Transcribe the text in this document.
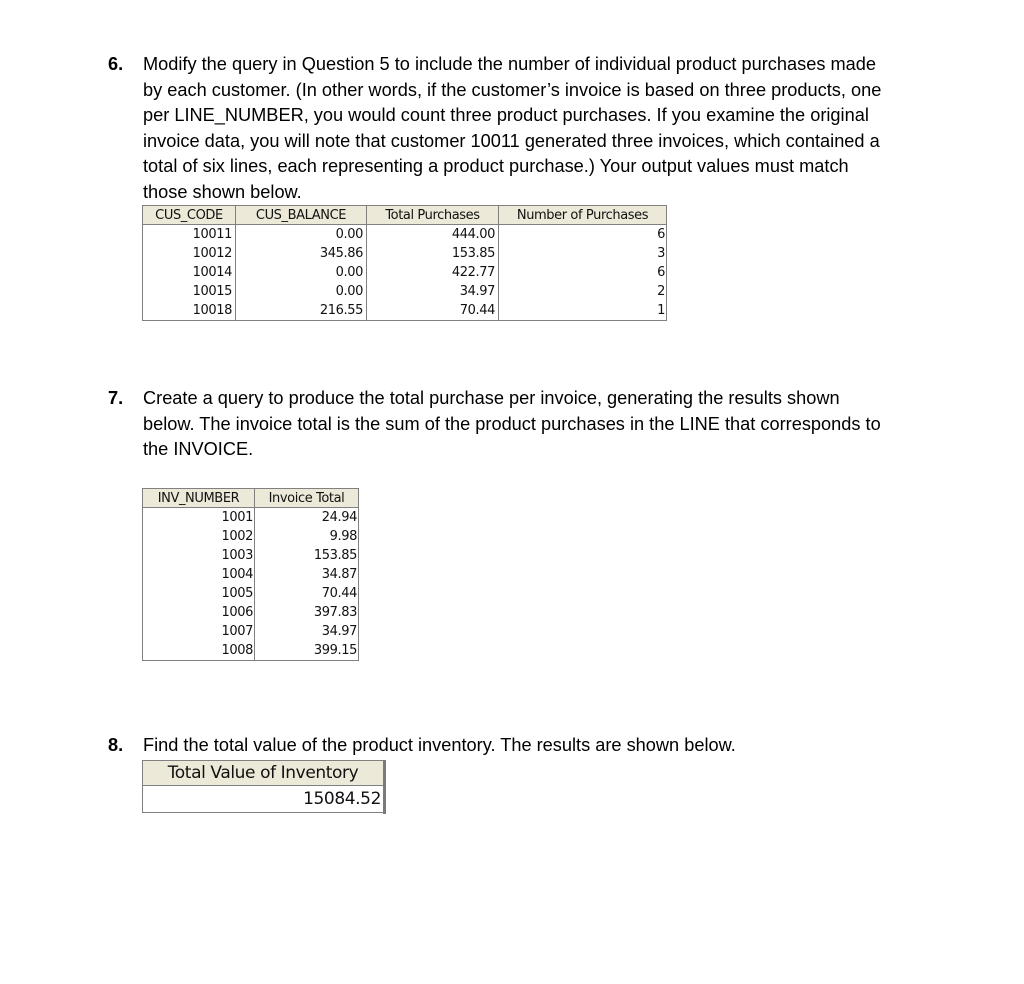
6. Modify the query in Question 5 to include the number of individual product purchases made
by each customer. (In other words, if the customer’s invoice is based on three products, one
per LINE_NUMBER, you would count three product purchases. If you examine the original
invoice data, you will note that customer 10011 generated three invoices, which contained a
total of six lines, each representing a product purchase.) Your output values must match
those shown below.
CUS_CODE	CUS_BALANCE	Total Purchases	Number of Purchases
10011	0.00	444.00	6
10012	345.86	153.85	3
10014	0.00	422.77	6
10015	0.00	34.97	2
10018	216.55	70.44	1
7. Create a query to produce the total purchase per invoice, generating the results shown
below. The invoice total is the sum of the product purchases in the LINE that corresponds to
the INVOICE.
INV_NUMBER	Invoice Total
1001	24.94
1002	9.98
1003	153.85
1004	34.87
1005	70.44
1006	397.83
1007	34.97
1008	399.15
8. Find the total value of the product inventory. The results are shown below.
Total Value of Inventory
15084.52
